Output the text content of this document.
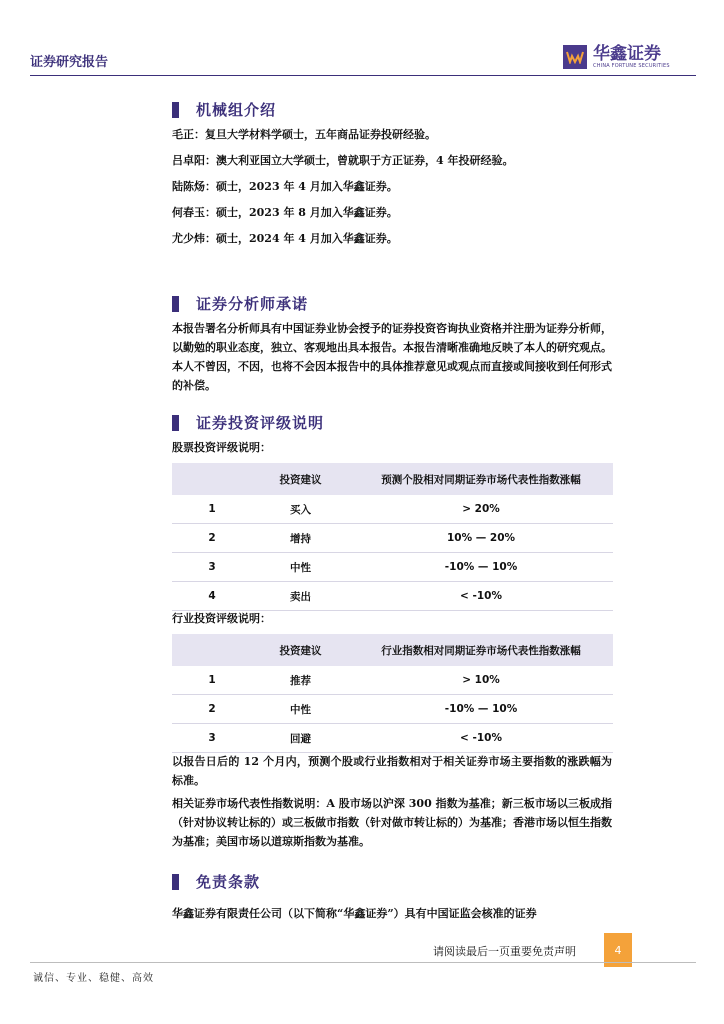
证券研究报告	华鑫证券
CHINA FORTUNE SECURITIES
机械组介绍
毛正：复旦大学材料学硕士，五年商品证券投研经验。
吕卓阳：澳大利亚国立大学硕士，曾就职于方正证券，4 年投研经验。
陆陈炀：硕士，2023 年 4 月加入华鑫证券。
何春玉：硕士，2023 年 8 月加入华鑫证券。
尤少炜：硕士，2024 年 4 月加入华鑫证券。
证券分析师承诺
本报告署名分析师具有中国证券业协会授予的证券投资咨询执业资格并注册为证券分析师，以勤勉的职业态度，独立、客观地出具本报告。本报告清晰准确地反映了本人的研究观点。本人不曾因，不因，也将不会因本报告中的具体推荐意见或观点而直接或间接收到任何形式的补偿。
证券投资评级说明
股票投资评级说明：
	投资建议	预测个股相对同期证券市场代表性指数涨幅
1	买入	> 20%
2	增持	10% — 20%
3	中性	-10% — 10%
4	卖出	< -10%
行业投资评级说明：
	投资建议	行业指数相对同期证券市场代表性指数涨幅
1	推荐	> 10%
2	中性	-10% — 10%
3	回避	< -10%
以报告日后的 12 个月内，预测个股或行业指数相对于相关证券市场主要指数的涨跌幅为标准。
相关证券市场代表性指数说明：A 股市场以沪深 300 指数为基准；新三板市场以三板成指（针对协议转让标的）或三板做市指数（针对做市转让标的）为基准；香港市场以恒生指数为基准；美国市场以道琼斯指数为基准。
免责条款
华鑫证券有限责任公司（以下简称“华鑫证券”）具有中国证监会核准的证券
请阅读最后一页重要免责声明	4
诚信、专业、稳健、高效
